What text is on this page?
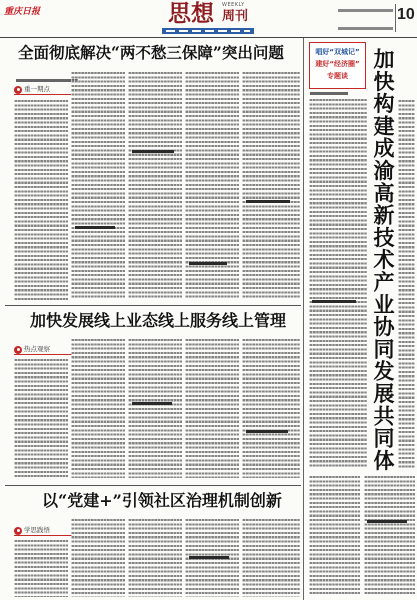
重庆日报	思想 WEEKLY
周刊	10
全面彻底解决“两不愁三保障”突出问题
重一期点
加快发展线上业态线上服务线上管理
热点观察
以“党建+”引领社区治理机制创新
学思践悟
唱好“双城记”
建好“经济圈”
专题谈	加快构建成渝高新技术产业协同发展共同体
